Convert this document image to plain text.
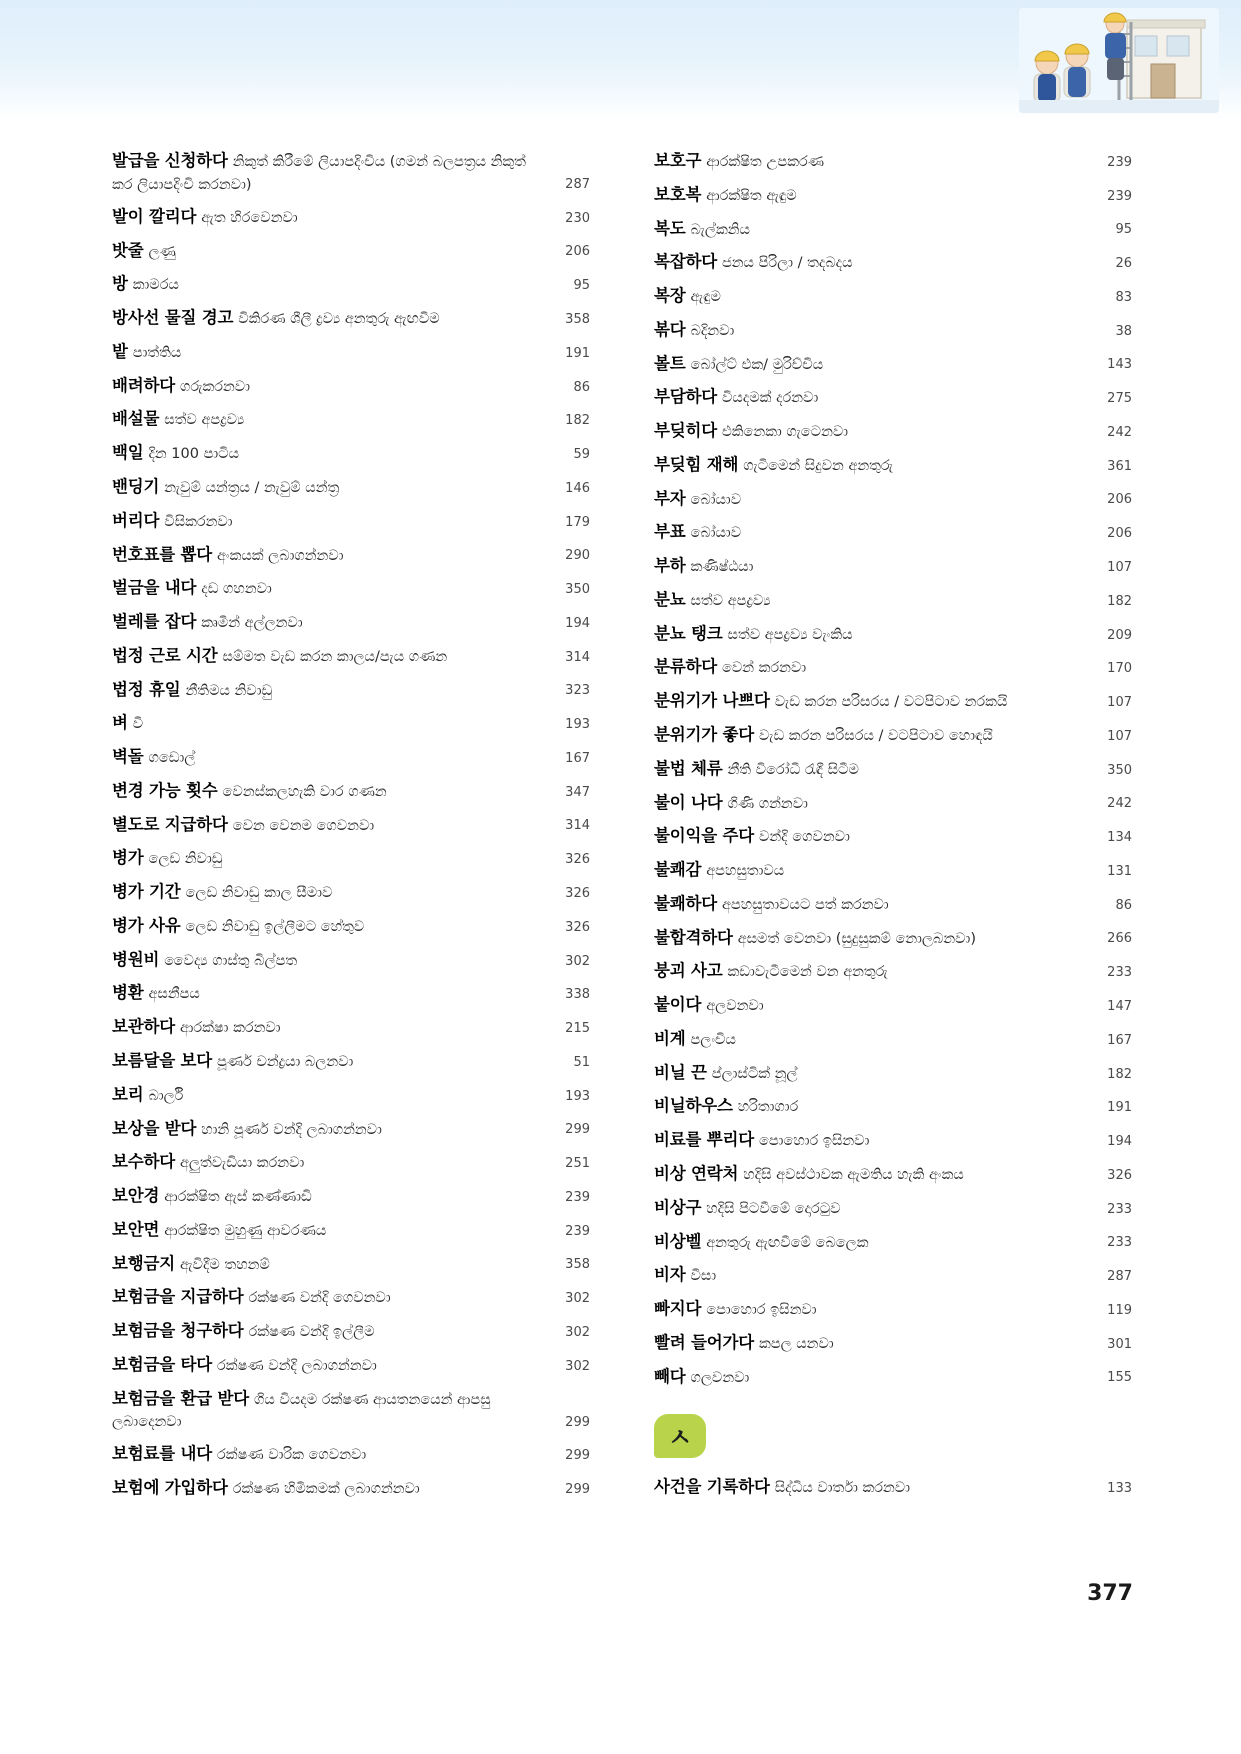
발급을 신청하다 නිකුත් කිරීමේ ලියාපදිංචිය (ගමන් බලපත්‍රය නිකුත් කර ලියාපදිංචි කරනවා)	287
발이 깔리다 ඇත හිරවෙනවා	230
밧줄 ලණු	206
방 කාමරය	95
방사선 물질 경고 විකිරණ ශීලී ද්‍රව්‍ය අනතුරු ඇඟවීම	358
밭 පාත්තිය	191
배려하다 ගරුකරනවා	86
배설물 සත්ව අපද්‍රව්‍ය	182
백일 දින 100 පාටිය	59
밴딩기 නැවුම් යන්ත්‍රය / නැවුම් යන්ත්‍ර	146
버리다 විසිකරනවා	179
번호표를 뽑다 අංකයක් ලබාගන්නවා	290
벌금을 내다 දඩ ගහනවා	350
벌레를 잡다 කෘමීන් අල්ලනවා	194
법정 근로 시간 සම්මත වැඩ කරන කාලය/පැය ගණන	314
법정 휴일 නීතිමය නිවාඩු	323
벼 වී	193
벽돌 ගඩොල්	167
변경 가능 횟수 වෙනස්කලහැකි වාර ගණන	347
별도로 지급하다 වෙන වෙනම ගෙවනවා	314
병가 ලෙඩ නිවාඩු	326
병가 기간 ලෙඩ නිවාඩු කාල සීමාව	326
병가 사유 ලෙඩ නිවාඩු ඉල්ලීමට හේතුව	326
병원비 වෛද්‍ය ගාස්තු බිල්පත	302
병환 අසනීපය	338
보관하다 ආරක්ෂා කරනවා	215
보름달을 보다 පූර්ණ චන්ද්‍රයා බලනවා	51
보리 බාර්ලි	193
보상을 받다 හානි පූර්ණ වන්දි ලබාගන්නවා	299
보수하다 අලුත්වැඩියා කරනවා	251
보안경 ආරක්ෂිත ඇස් කණ්ණාඩි	239
보안면 ආරක්ෂිත මුහුණු ආවරණය	239
보행금지 ඇවිදීම තහනම්	358
보험금을 지급하다 රක්ෂණ වන්දි ගෙවනවා	302
보험금을 청구하다 රක්ෂණ වන්දි ඉල්ලීම	302
보험금을 타다 රක්ෂණ වන්දි ලබාගන්නවා	302
보험금을 환급 받다 ගිය වියදම රක්ෂණ ආයතනයෙන් ආපසු ලබාදෙනවා	299
보험료를 내다 රක්ෂණ වාරික ගෙවනවා	299
보험에 가입하다 රක්ෂණ හිමිකමක් ලබාගන්නවා	299
보호구 ආරක්ෂිත උපකරණ	239
보호복 ආරක්ෂිත ඇඳුම	239
복도 බැල්කනිය	95
복잡하다 ජනය පිරිලා / තදබදය	26
복장 ඇඳුම	83
볶다 බදිනවා	38
볼트 බෝල්ට් එක/ මුරිච්චිය	143
부담하다 වියදමක් දරනවා	275
부딪히다 එකිනෙකා ගැටෙනවා	242
부딪힘 재해 ගැටීමෙන් සිදුවන අනතුරු	361
부자 බෝයාව	206
부표 බෝයාව	206
부하 කණිෂ්ඨයා	107
분뇨 සත්ව අපද්‍රව්‍ය	182
분뇨 탱크 සත්ව අපද්‍රව්‍ය වැංකිය	209
분류하다 වෙන් කරනවා	170
분위기가 나쁘다 වැඩ කරන පරිසරය / වටපිටාව නරකයි	107
분위기가 좋다 වැඩ කරන පරිසරය / වටපිටාව හොඳයි	107
불법 체류 නීති විරෝධී රැඳී සිටීම	350
불이 나다 ගිණි ගන්නවා	242
불이익을 주다 වන්දි ගෙවනවා	134
불쾌감 අපහසුතාවය	131
불쾌하다 අපහසුතාවයට පත් කරනවා	86
불합격하다 අසමත් වෙනවා (සුදුසුකම් නොලබනවා)	266
붕괴 사고 කඩාවැටීමෙන් වන අනතුරු	233
붙이다 අලවනවා	147
비계 පලංචිය	167
비닐 끈 ප්ලාස්ටික් නූල්	182
비닐하우스 හරිතාගාර	191
비료를 뿌리다 පොහොර ඉසිනවා	194
비상 연락처 හදිසි අවස්ථාවක ඇමතිය හැකි අංකය	326
비상구 හදිසි පිටවීමේ දොරටුව	233
비상벨 අනතුරු ඇඟවීමේ බෙලෙක	233
비자 වීසා	287
빠지다 පොහොර ඉසිනවා	119
빨려 들어가다 කපල යනවා	301
빼다 ගලවනවා	155
ㅅ
사건을 기록하다 සිද්ධිය වාර්තා කරනවා	133
377
